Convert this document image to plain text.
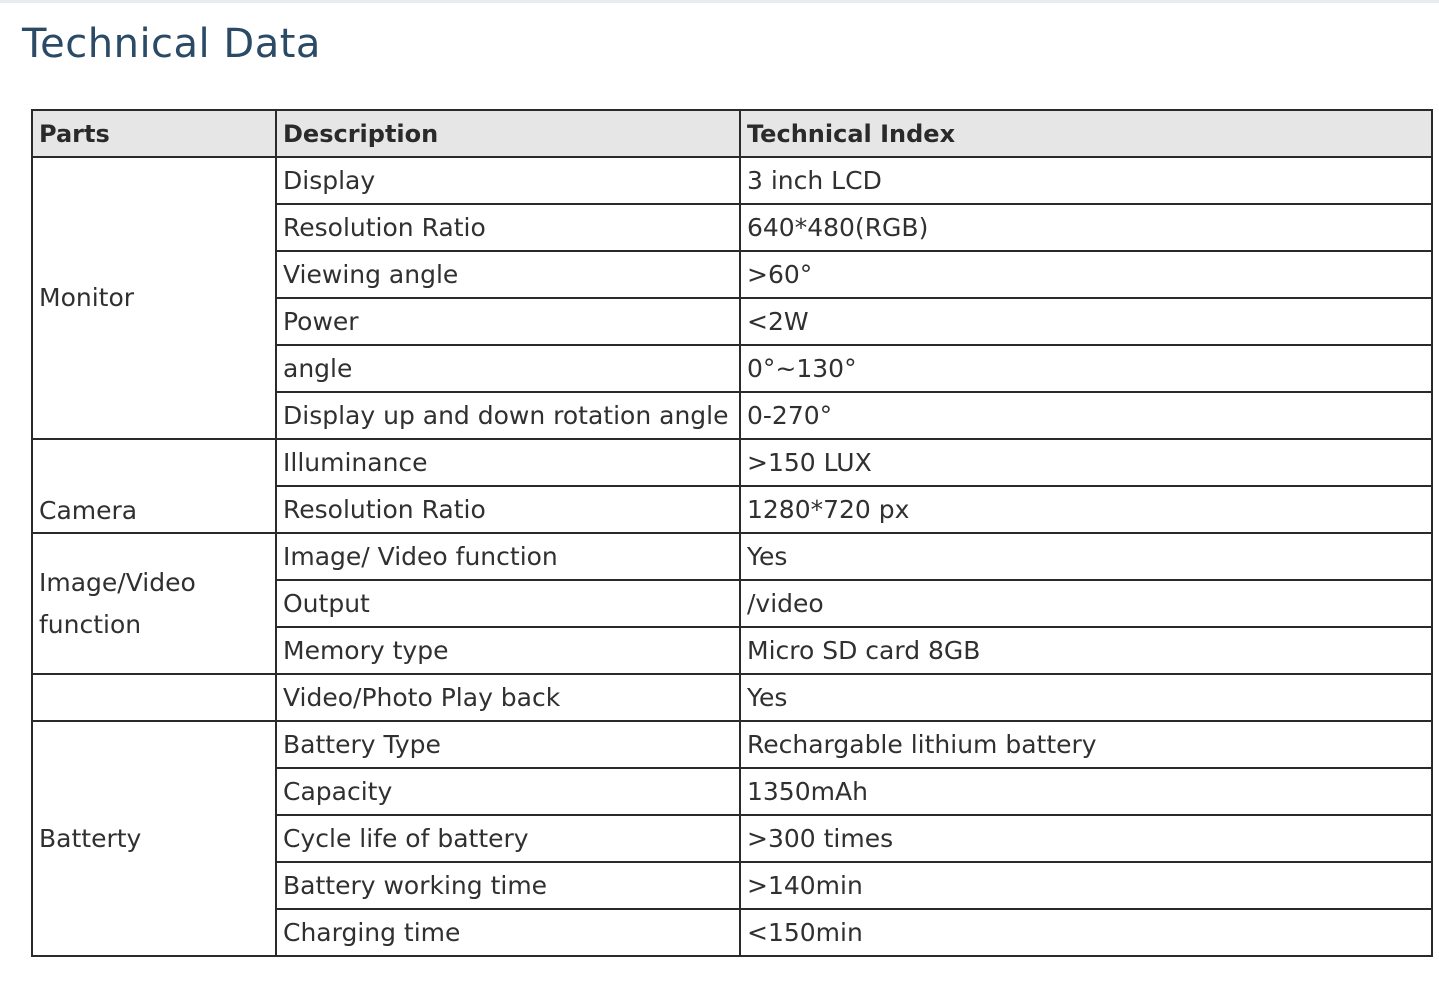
Technical Data
Parts	Description	Technical Index
Monitor	Display	3 inch LCD
	Resolution Ratio	640*480(RGB)
	Viewing angle	>60°
	Power	<2W
	angle	0°~130°
	Display up and down rotation angle	0-270°
Camera	Illuminance	>150 LUX
	Resolution Ratio	1280*720 px
Image/Video function	Image/ Video function	Yes
	Output	/video
	Memory type	Micro SD card 8GB
	Video/Photo Play back	Yes
Batterty	Battery Type	Rechargable lithium battery
	Capacity	1350mAh
	Cycle life of battery	>300 times
	Battery working time	>140min
	Charging time	<150min
